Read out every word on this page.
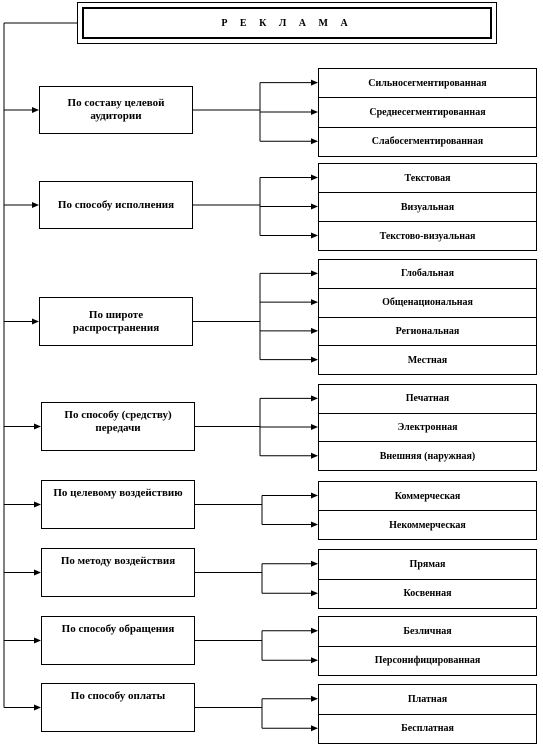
Р Е К Л А М А
По составу целевой аудитории
Сильносегментированная
Среднесегментированная
Слабосегментированная
По способу исполнения
Текстовая
Визуальная
Текстово-визуальная
По широте распространения
Глобальная
Общенациональная
Региональная
Местная
По способу (средству) передачи
Печатная
Электронная
Внешняя (наружная)
По целевому воздействию	Коммерческая
Некоммерческая
По методу воздействия	Прямая
Косвенная
По способу обращения	Безличная
Персонифицированная
По способу оплаты	Платная
Бесплатная
